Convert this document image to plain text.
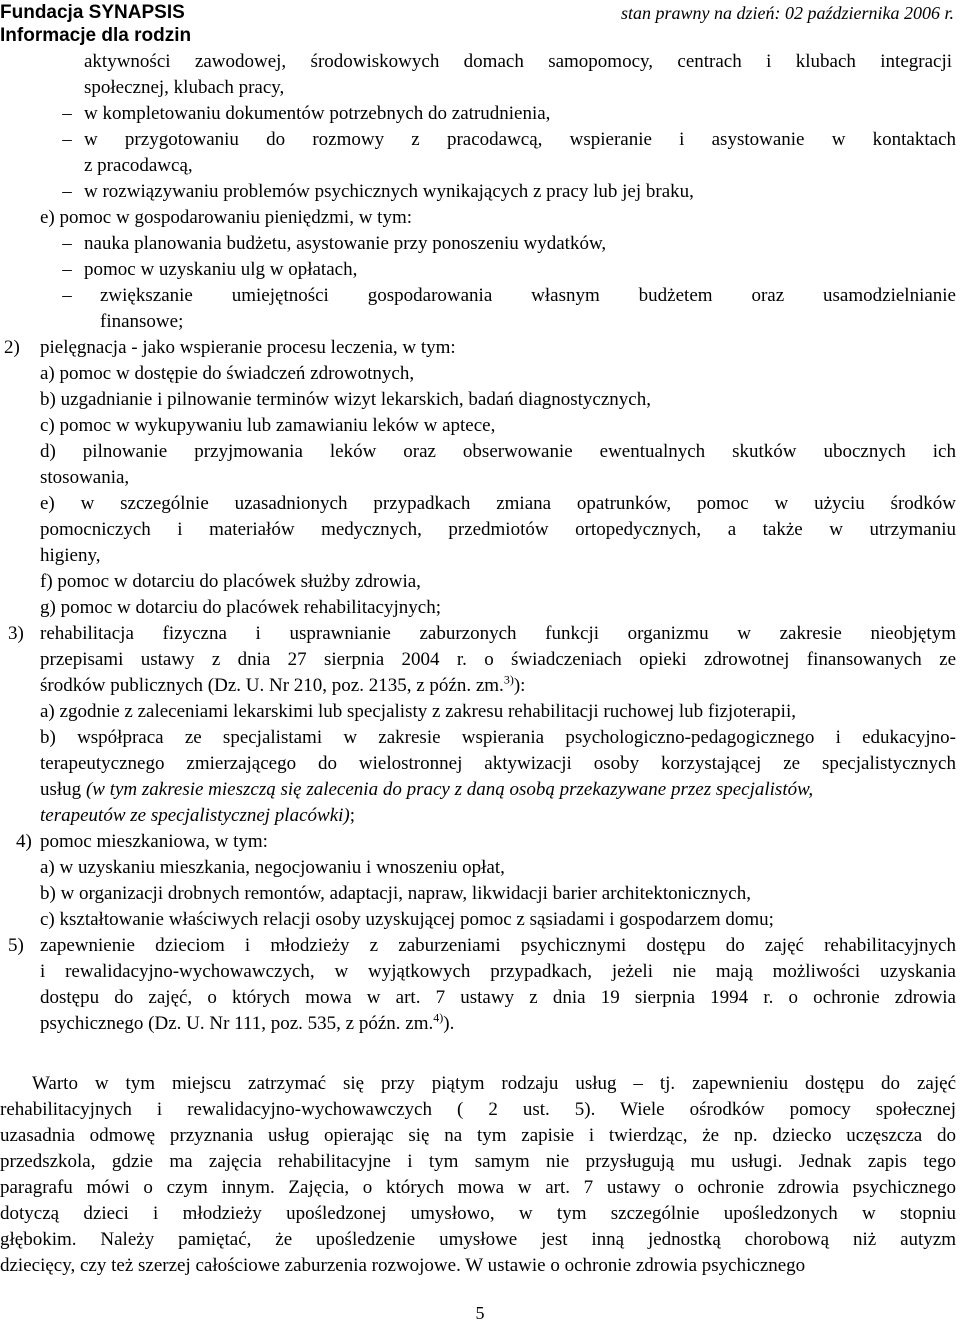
Fundacja SYNAPSIS	stan prawny na dzień: 02 października 2006 r.
Informacje dla rodzin
aktywności zawodowej, środowiskowych domach samopomocy, centrach i klubach integracji
społecznej, klubach pracy,
– w kompletowaniu dokumentów potrzebnych do zatrudnienia,
– w przygotowaniu do rozmowy z pracodawcą, wspieranie i asystowanie w kontaktach
z pracodawcą,
– w rozwiązywaniu problemów psychicznych wynikających z pracy lub jej braku,
e) pomoc w gospodarowaniu pieniędzmi, w tym:
– nauka planowania budżetu, asystowanie przy ponoszeniu wydatków,
– pomoc w uzyskaniu ulg w opłatach,
–	zwiększanie umiejętności gospodarowania własnym budżetem oraz usamodzielnianie
finansowe;
2) pielęgnacja - jako wspieranie procesu leczenia, w tym:
a) pomoc w dostępie do świadczeń zdrowotnych,
b) uzgadnianie i pilnowanie terminów wizyt lekarskich, badań diagnostycznych,
c) pomoc w wykupywaniu lub zamawianiu leków w aptece,
d) pilnowanie przyjmowania leków oraz obserwowanie ewentualnych skutków ubocznych ich
stosowania,
e) w szczególnie uzasadnionych przypadkach zmiana opatrunków, pomoc w użyciu środków
pomocniczych i materiałów medycznych, przedmiotów ortopedycznych, a także w utrzymaniu
higieny,
f) pomoc w dotarciu do placówek służby zdrowia,
g) pomoc w dotarciu do placówek rehabilitacyjnych;
3) rehabilitacja fizyczna i usprawnianie zaburzonych funkcji organizmu w zakresie nieobjętym
przepisami ustawy z dnia 27 sierpnia 2004 r. o świadczeniach opieki zdrowotnej finansowanych ze
środków publicznych (Dz. U. Nr 210, poz. 2135, z późn. zm.$^{3)}$):
a) zgodnie z zaleceniami lekarskimi lub specjalisty z zakresu rehabilitacji ruchowej lub fizjoterapii,
b) współpraca ze specjalistami w zakresie wspierania psychologiczno-pedagogicznego i edukacyjno-
terapeutycznego zmierzającego do wielostronnej aktywizacji osoby korzystającej ze specjalistycznych
usług (w tym zakresie mieszczą się zalecenia do pracy z daną osobą przekazywane przez specjalistów,
terapeutów ze specjalistycznej placówki);
4) pomoc mieszkaniowa, w tym:
a) w uzyskaniu mieszkania, negocjowaniu i wnoszeniu opłat,
b) w organizacji drobnych remontów, adaptacji, napraw, likwidacji barier architektonicznych,
c) kształtowanie właściwych relacji osoby uzyskującej pomoc z sąsiadami i gospodarzem domu;
5) zapewnienie dzieciom i młodzieży z zaburzeniami psychicznymi dostępu do zajęć rehabilitacyjnych
i rewalidacyjno-wychowawczych, w wyjątkowych przypadkach, jeżeli nie mają możliwości uzyskania
dostępu do zajęć, o których mowa w art. 7 ustawy z dnia 19 sierpnia 1994 r. o ochronie zdrowia
psychicznego (Dz. U. Nr 111, poz. 535, z późn. zm.$^{4)}$).
Warto w tym miejscu zatrzymać się przy piątym rodzaju usług – tj. zapewnieniu dostępu do zajęć
rehabilitacyjnych i rewalidacyjno-wychowawczych ( 2 ust. 5). Wiele ośrodków pomocy społecznej
uzasadnia odmowę przyznania usług opierając się na tym zapisie i twierdząc, że np. dziecko uczęszcza do
przedszkola, gdzie ma zajęcia rehabilitacyjne i tym samym nie przysługują mu usługi. Jednak zapis tego
paragrafu mówi o czym innym. Zajęcia, o których mowa w art. 7 ustawy o ochronie zdrowia psychicznego
dotyczą dzieci i młodzieży upośledzonej umysłowo, w tym szczególnie upośledzonych w stopniu
głębokim. Należy pamiętać, że upośledzenie umysłowe jest inną jednostką chorobową niż autyzm
dziecięcy, czy też szerzej całościowe zaburzenia rozwojowe. W ustawie o ochronie zdrowia psychicznego
5
